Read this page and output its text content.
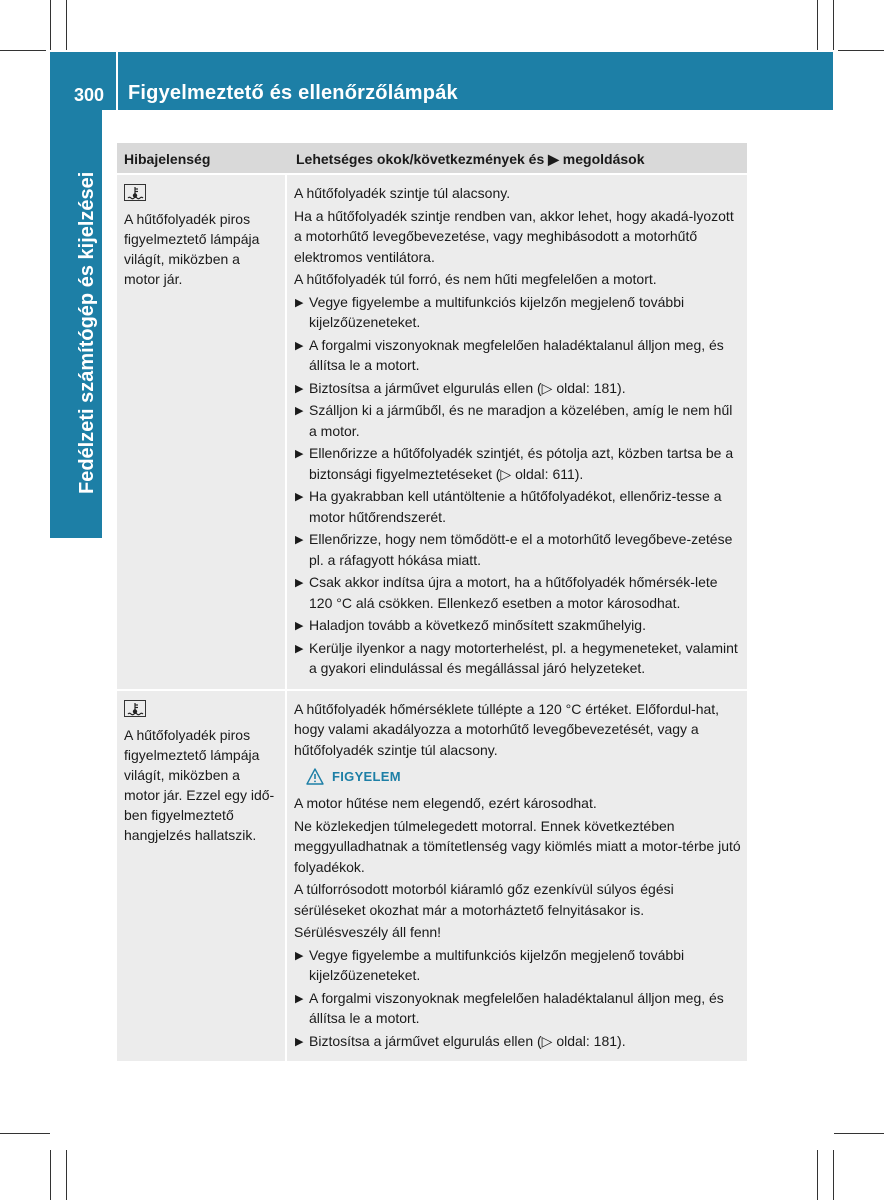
300 Figyelmeztető és ellenőrzőlámpák
Fedélzeti számítógép és kijelzései
Hibajelenség	Lehetséges okok/következmények és ▶ megoldások
A hűtőfolyadék piros
figyelmeztető lámpája
világít, miközben a
motor jár.

A hűtőfolyadék szintje túl alacsony.

Ha a hűtőfolyadék szintje rendben van, akkor lehet, hogy akadá-lyozott a motorhűtő levegőbevezetése, vagy meghibásodott a motorhűtő elektromos ventilátora.

A hűtőfolyadék túl forró, és nem hűti megfelelően a motort.

▶ Vegye figyelembe a multifunkciós kijelzőn megjelenő további kijelzőüzeneteket.
▶ A forgalmi viszonyoknak megfelelően haladéktalanul álljon meg, és állítsa le a motort.
▶ Biztosítsa a járművet elgurulás ellen (▷ oldal: 181).
▶ Szálljon ki a járműből, és ne maradjon a közelében, amíg le nem hűl a motor.
▶ Ellenőrizze a hűtőfolyadék szintjét, és pótolja azt, közben tartsa be a biztonsági figyelmeztetéseket (▷ oldal: 611).
▶ Ha gyakrabban kell utántöltenie a hűtőfolyadékot, ellenőriz-tesse a motor hűtőrendszerét.
▶ Ellenőrizze, hogy nem tömődött-e el a motorhűtő levegőbeve-zetése pl. a ráfagyott hókása miatt.
▶ Csak akkor indítsa újra a motort, ha a hűtőfolyadék hőmérsék-lete 120 °C alá csökken. Ellenkező esetben a motor károsodhat.
▶ Haladjon tovább a következő minősített szakműhelyig.
▶ Kerülje ilyenkor a nagy motorterhelést, pl. a hegymeneteket, valamint a gyakori elindulással és megállással járó helyzeteket.
A hűtőfolyadék piros
figyelmeztető lámpája
világít, miközben a
motor jár. Ezzel egy idő-
ben figyelmeztető
hangjelzés hallatszik.

A hűtőfolyadék hőmérséklete túllépte a 120 °C értéket. Előfordul-hat, hogy valami akadályozza a motorhűtő levegőbevezetését, vagy a hűtőfolyadék szintje túl alacsony.

FIGYELEM

A motor hűtése nem elegendő, ezért károsodhat.

Ne közlekedjen túlmelegedett motorral. Ennek következtében meggyulladhatnak a tömítetlenség vagy kiömlés miatt a motor-térbe jutó folyadékok.

A túlforrósodott motorból kiáramló gőz ezenkívül súlyos égési sérüléseket okozhat már a motorháztető felnyitásakor is.

Sérülésveszély áll fenn!

▶ Vegye figyelembe a multifunkciós kijelzőn megjelenő további kijelzőüzeneteket.
▶ A forgalmi viszonyoknak megfelelően haladéktalanul álljon meg, és állítsa le a motort.
▶ Biztosítsa a járművet elgurulás ellen (▷ oldal: 181).
